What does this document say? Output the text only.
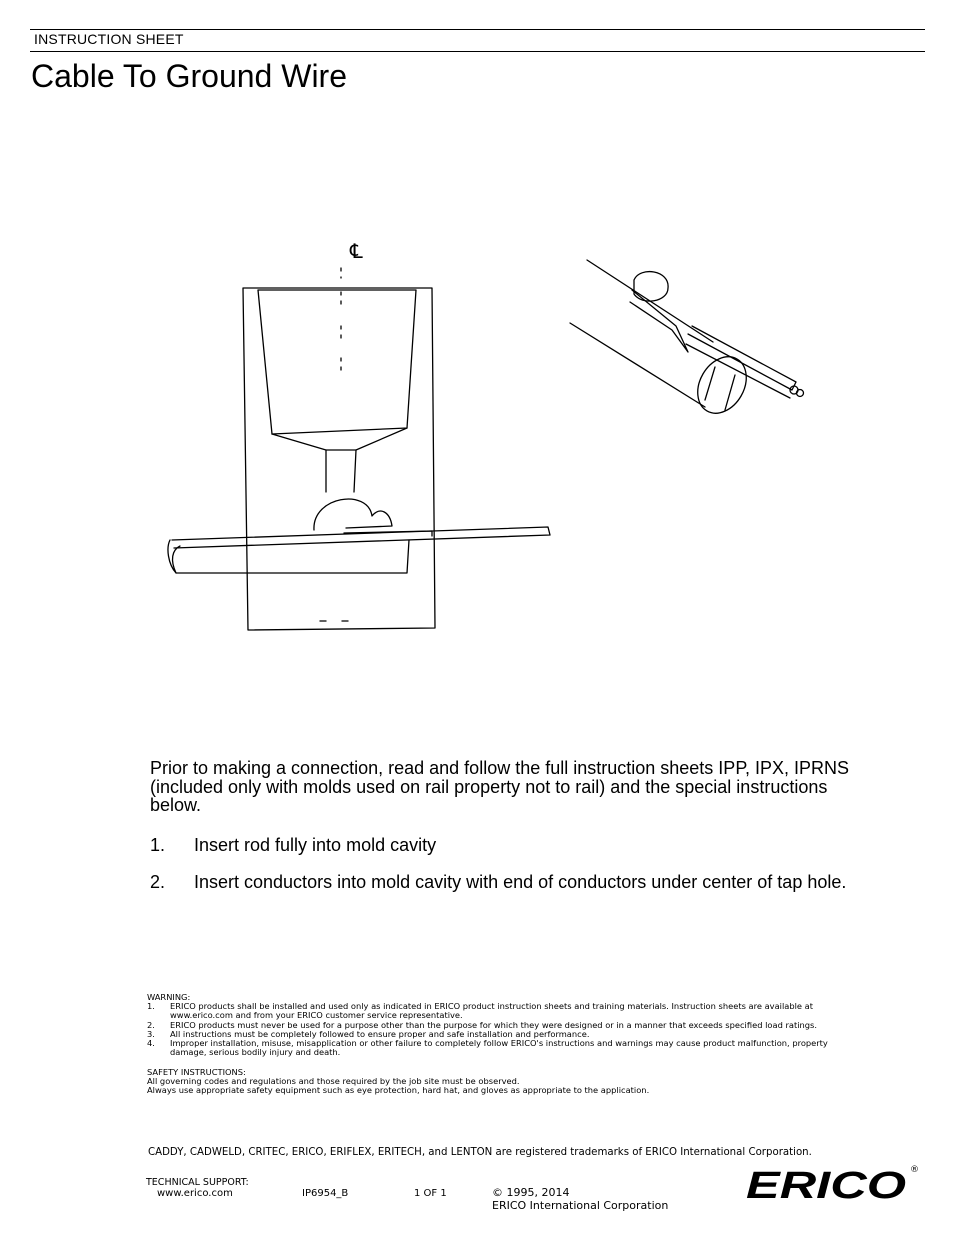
INSTRUCTION SHEET
Cable To Ground Wire
℄

Prior to making a connection, read and follow the full instruction sheets IPP, IPX, IPRNS (included only with molds used on rail property not to rail) and the special instructions below.

1. Insert rod fully into mold cavity
2. Insert conductors into mold cavity with end of conductors under center of tap hole.
WARNING:
1. ERICO products shall be installed and used only as indicated in ERICO product instruction sheets and training materials. Instruction sheets are available at
www.erico.com and from your ERICO customer service representative.
2. ERICO products must never be used for a purpose other than the purpose for which they were designed or in a manner that exceeds specified load ratings.
3. All instructions must be completely followed to ensure proper and safe installation and performance.
4. Improper installation, misuse, misapplication or other failure to completely follow ERICO's instructions and warnings may cause product malfunction, property
damage, serious bodily injury and death.
SAFETY INSTRUCTIONS:
All governing codes and regulations and those required by the job site must be observed.
Always use appropriate safety equipment such as eye protection, hard hat, and gloves as appropriate to the application.
CADDY, CADWELD, CRITEC, ERICO, ERIFLEX, ERITECH, and LENTON are registered trademarks of ERICO International Corporation.
TECHNICAL SUPPORT:
www.erico.com	IP6954_B	1 OF 1	© 1995, 2014
ERICO International Corporation ERICO ®
